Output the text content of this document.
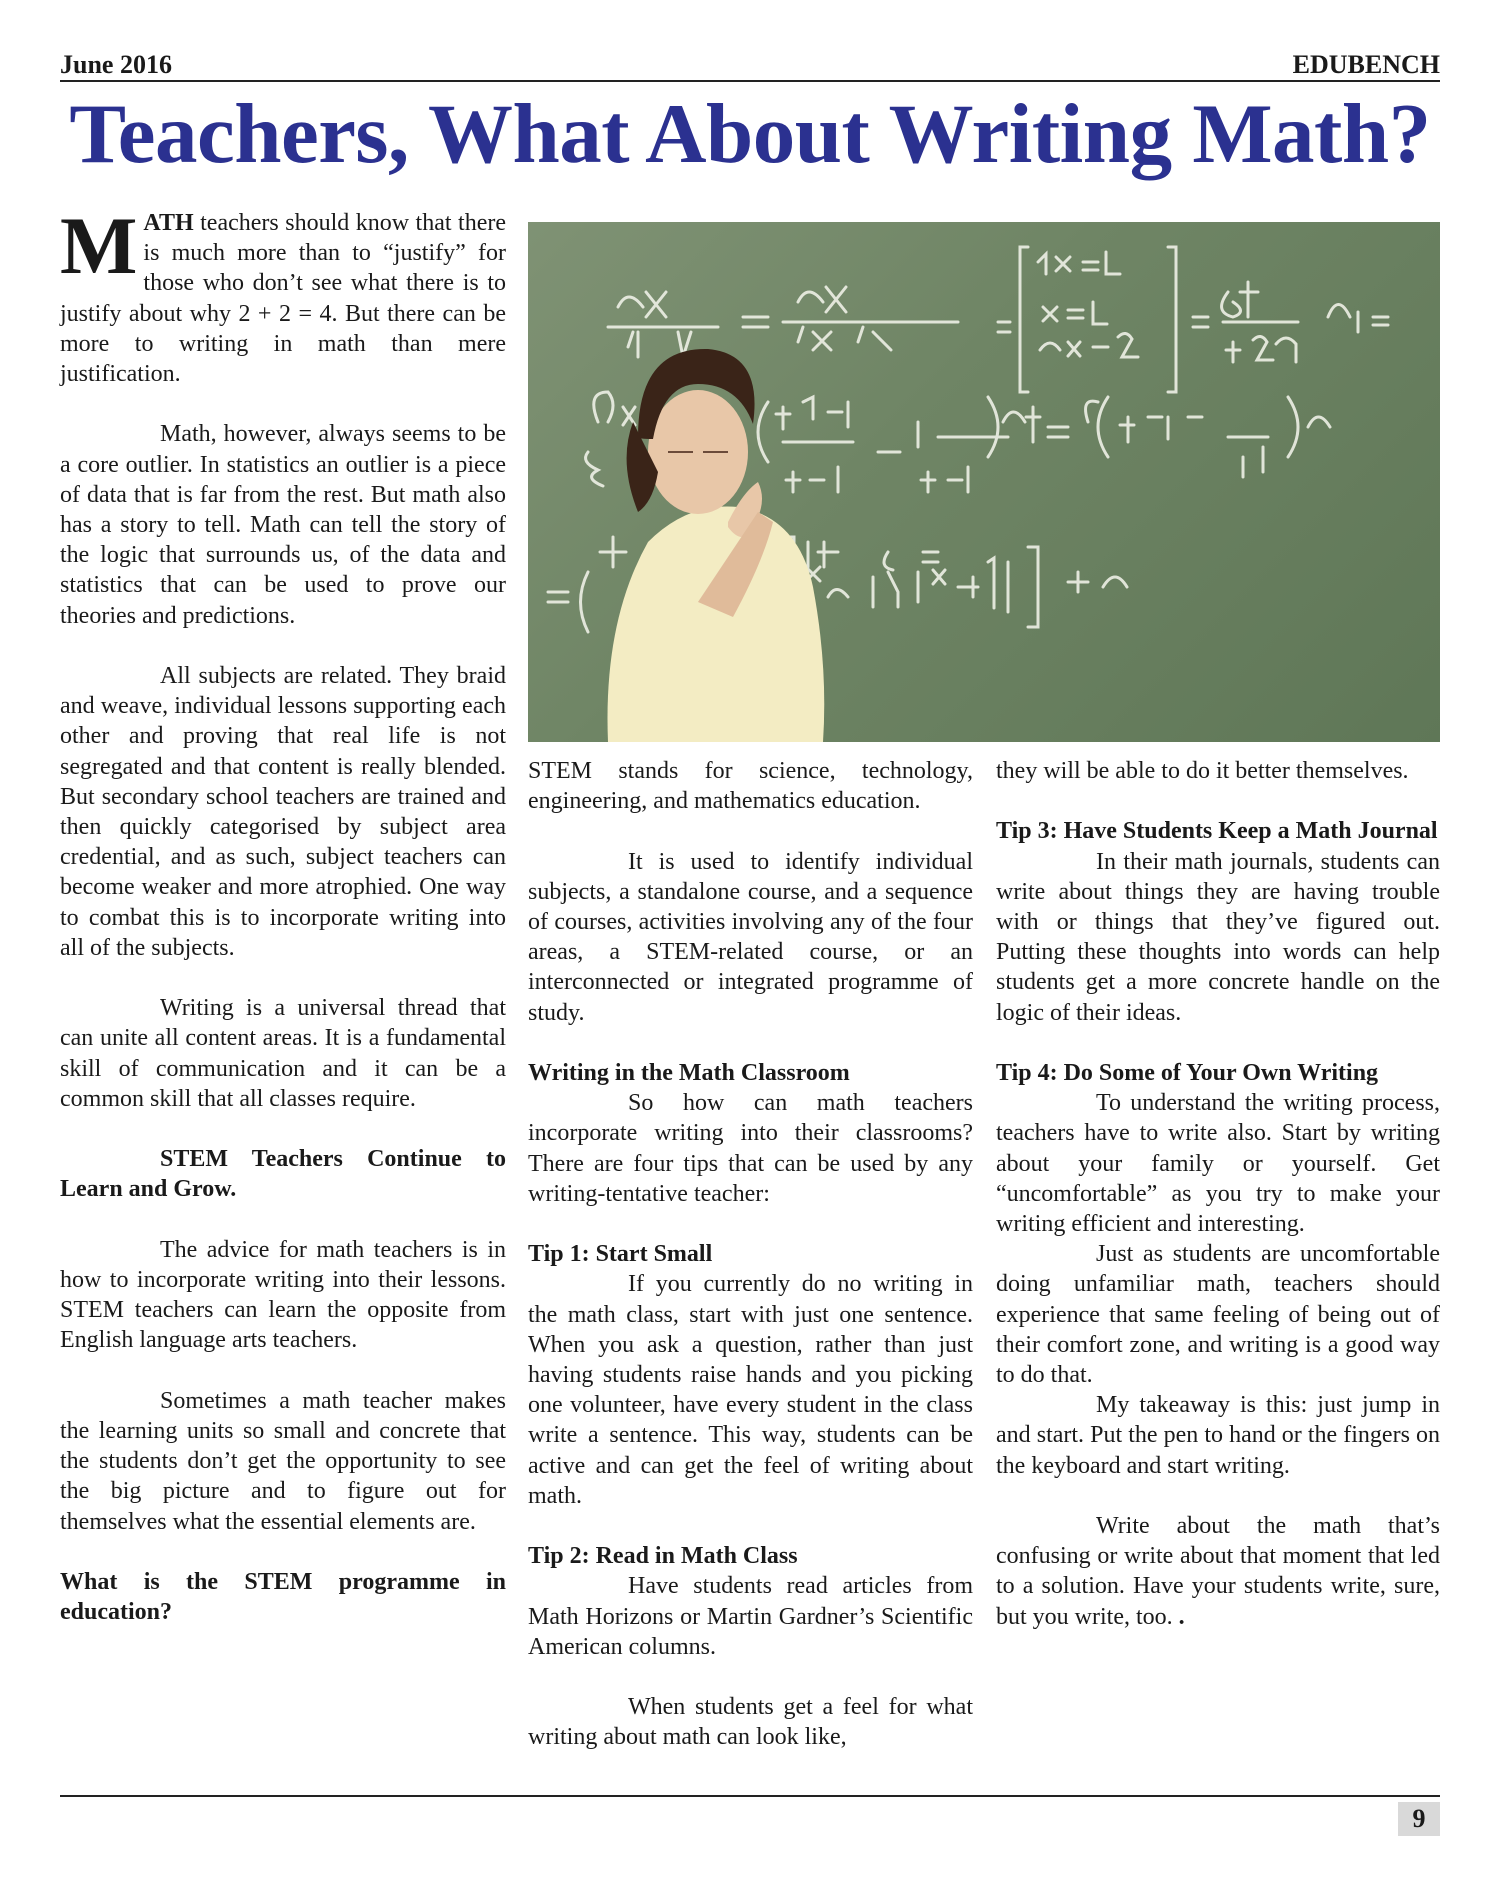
June 2016	EDUBENCH
Teachers, What About Writing Math?

MATH teachers should know that there is much more than to “justify” for those who don’t see what there is to justify about why 2 + 2 = 4. But there can be more to writing in math than mere justification.

Math, however, always seems to be a core outlier. In statistics an outlier is a piece of data that is far from the rest. But math also has a story to tell. Math can tell the story of the logic that surrounds us, of the data and statistics that can be used to prove our theories and predictions.

All subjects are related. They braid and weave, individual lessons supporting each other and proving that real life is not segregated and that content is really blended. But secondary school teachers are trained and then quickly categorised by subject area credential, and as such, subject teachers can become weaker and more atrophied. One way to combat this is to incorporate writing into all of the subjects.

Writing is a universal thread that can unite all content areas. It is a fundamental skill of communication and it can be a common skill that all classes require.

STEM Teachers Continue to Learn and Grow.

The advice for math teachers is in how to incorporate writing into their lessons. STEM teachers can learn the opposite from English language arts teachers.

Sometimes a math teacher makes the learning units so small and concrete that the students don’t get the opportunity to see the big picture and to figure out for themselves what the essential elements are.

What is the STEM programme in education?

STEM stands for science, technology, engineering, and mathematics education.

It is used to identify individual subjects, a standalone course, and a sequence of courses, activities involving any of the four areas, a STEM-related course, or an interconnected or integrated programme of study.

Writing in the Math Classroom

So how can math teachers incorporate writing into their classrooms? There are four tips that can be used by any writing-tentative teacher:

Tip 1: Start Small

If you currently do no writing in the math class, start with just one sentence. When you ask a question, rather than just having students raise hands and you picking one volunteer, have every student in the class write a sentence. This way, students can be active and can get the feel of writing about math.

Tip 2: Read in Math Class

Have students read articles from Math Horizons or Martin Gardner’s Scientific American columns.

When students get a feel for what writing about math can look like,

they will be able to do it better themselves.

Tip 3: Have Students Keep a Math Journal

In their math journals, students can write about things they are having trouble with or things that they’ve figured out. Putting these thoughts into words can help students get a more concrete handle on the logic of their ideas.

Tip 4: Do Some of Your Own Writing

To understand the writing process, teachers have to write also. Start by writing about your family or yourself. Get “uncomfortable” as you try to make your writing efficient and interesting.

Just as students are uncomfortable doing unfamiliar math, teachers should experience that same feeling of being out of their comfort zone, and writing is a good way to do that.

My takeaway is this: just jump in and start. Put the pen to hand or the fingers on the keyboard and start writing.

Write about the math that’s confusing or write about that moment that led to a solution. Have your students write, sure, but you write, too. .

9
